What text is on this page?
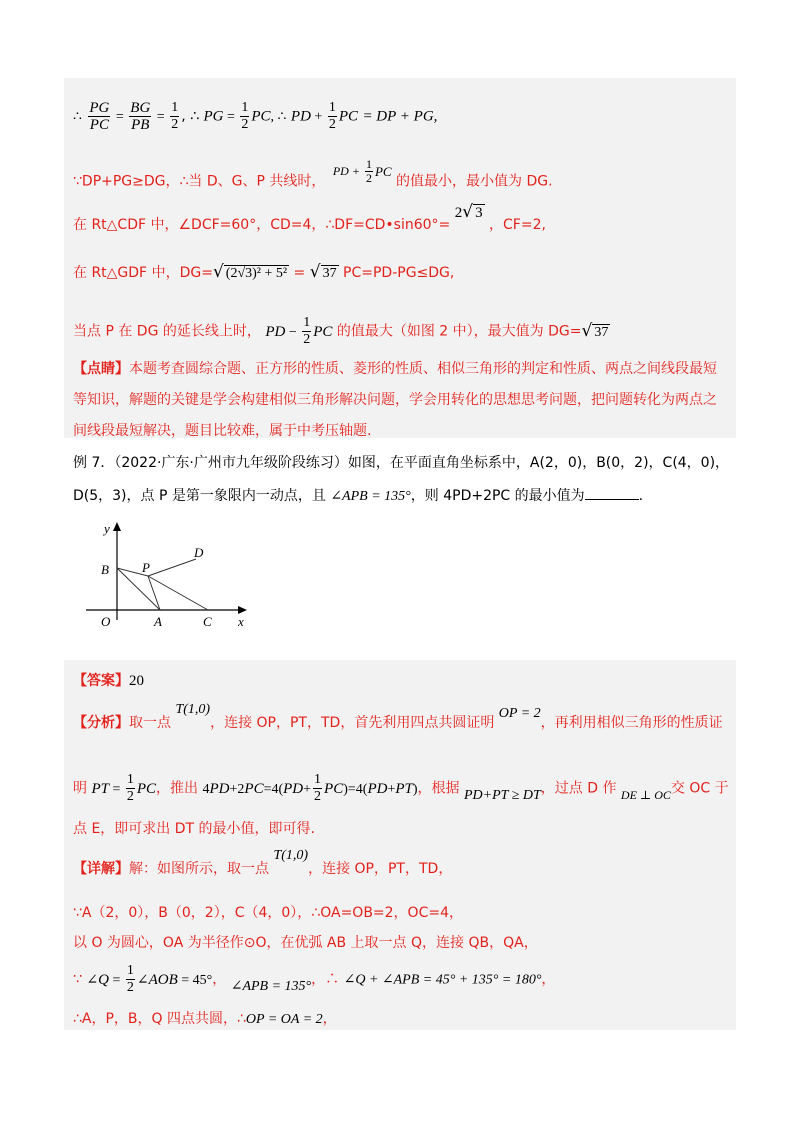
∴ $\frac{PG}{PC} = \frac{BG}{PB} = \frac{1}{2}$ , ∴ PG = $\frac{1}{2}$ PC, ∴ PD + $\frac{1}{2}$ PC = DP + PG,
∵DP+PG≥DG，∴当 D、G、P 共线时，
PD + $\frac{1}{2}$ PC 的值最小，最小值为 DG.
在 Rt△CDF 中，∠DCF=60°，CD=4，∴DF=CD•sin60°= 2√ 3 ，CF=2,
在 Rt△GDF 中，DG=√ (2√3)² + 5² = √ 37 PC=PD-PG≤DG,
当点 P 在 DG 的延长线上时， PD − $\frac{1}{2}$ PC 的值最大（如图 2 中），最大值为 DG=√ 37
【点睛】本题考查圆综合题、正方形的性质、菱形的性质、相似三角形的判定和性质、两点之间线段最短
等知识，解题的关键是学会构建相似三角形解决问题，学会用转化的思想思考问题，把问题转化为两点之
间线段最短解决，题目比较难，属于中考压轴题.
例 7．（2022·广东·广州市九年级阶段练习）如图，在平面直角坐标系中，A(2，0)，B(0，2)，C(4，0)，
D(5，3)，点 P 是第一象限内一动点，且 ∠APB = 135°，则 4PD+2PC 的最小值为	.
y
B	P
D
O	A	C x
【答案】20
【分析】取一点 T(1,0)，连接 OP，PT，TD，首先利用四点共圆证明 OP = 2，再利用相似三角形的性质证
明 PT = $\frac{1}{2}$ PC，推出 $4PD+2PC=4(PD+ \frac{1}{2} PC)=4(PD+PT)$，根据 PD+PT ≥ DT，过点 D 作 DE ⊥ OC交 OC 于
点 E，即可求出 DT 的最小值，即可得.
【详解】解：如图所示，取一点 T(1,0)，连接 OP，PT，TD，
∵A（2，0），B（0，2），C（4，0），∴OA=OB=2，OC=4，
以 O 为圆心，OA 为半径作⊙O，在优弧 AB 上取一点 Q，连接 QB，QA，
∵ ∠Q = $\frac{1}{2}$ ∠AOB = 45°， ∠APB = 135°，∴ ∠Q + ∠APB = 45° + 135° = 180°，
∴A，P，B，Q 四点共圆，∴OP = OA = 2，
